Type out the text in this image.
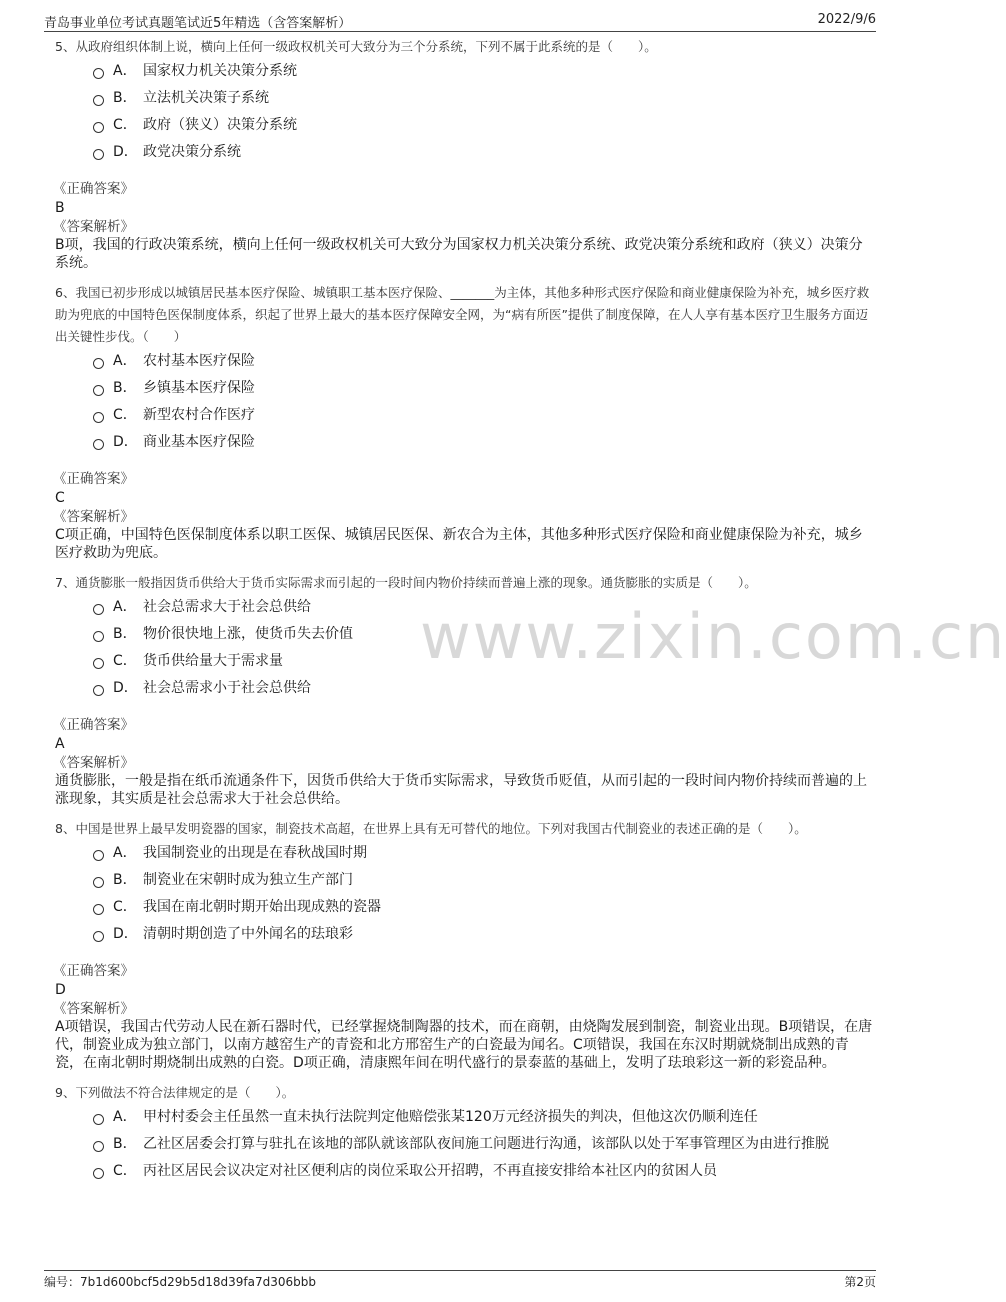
青岛事业单位考试真题笔试近5年精选（含答案解析）	2022/9/6
www.zixin.com.cn

5、从政府组织体制上说，横向上任何一级政权机关可大致分为三个分系统，下列不属于此系统的是（　　）。

A． 国家权力机关决策分系统
B． 立法机关决策子系统
C． 政府（狭义）决策分系统
D． 政党决策分系统
《正确答案》
B
《答案解析》
B项，我国的行政决策系统，横向上任何一级政权机关可大致分为国家权力机关决策分系统、政党决策分系统和政府（狭义）决策分系统。

6、我国已初步形成以城镇居民基本医疗保险、城镇职工基本医疗保险、_______为主体，其他多种形式医疗保险和商业健康保险为补充，城乡医疗救助为兜底的中国特色医保制度体系，织起了世界上最大的基本医疗保障安全网，为“病有所医”提供了制度保障，在人人享有基本医疗卫生服务方面迈出关键性步伐。（　　）

A． 农村基本医疗保险
B． 乡镇基本医疗保险
C． 新型农村合作医疗
D． 商业基本医疗保险
《正确答案》
C
《答案解析》
C项正确，中国特色医保制度体系以职工医保、城镇居民医保、新农合为主体，其他多种形式医疗保险和商业健康保险为补充，城乡医疗救助为兜底。

7、通货膨胀一般指因货币供给大于货币实际需求而引起的一段时间内物价持续而普遍上涨的现象。通货膨胀的实质是（　　）。

A． 社会总需求大于社会总供给
B． 物价很快地上涨，使货币失去价值
C． 货币供给量大于需求量
D． 社会总需求小于社会总供给
《正确答案》
A
《答案解析》
通货膨胀，一般是指在纸币流通条件下，因货币供给大于货币实际需求，导致货币贬值，从而引起的一段时间内物价持续而普遍的上涨现象，其实质是社会总需求大于社会总供给。

8、中国是世界上最早发明瓷器的国家，制瓷技术高超，在世界上具有无可替代的地位。下列对我国古代制瓷业的表述正确的是（　　）。

A． 我国制瓷业的出现是在春秋战国时期
B． 制瓷业在宋朝时成为独立生产部门
C． 我国在南北朝时期开始出现成熟的瓷器
D． 清朝时期创造了中外闻名的珐琅彩
《正确答案》
D
《答案解析》
A项错误，我国古代劳动人民在新石器时代，已经掌握烧制陶器的技术，而在商朝，由烧陶发展到制瓷，制瓷业出现。B项错误，在唐代，制瓷业成为独立部门，以南方越窑生产的青瓷和北方邢窑生产的白瓷最为闻名。C项错误，我国在东汉时期就烧制出成熟的青瓷，在南北朝时期烧制出成熟的白瓷。D项正确，清康熙年间在明代盛行的景泰蓝的基础上，发明了珐琅彩这一新的彩瓷品种。

9、下列做法不符合法律规定的是（　　）。

A． 甲村村委会主任虽然一直未执行法院判定他赔偿张某120万元经济损失的判决，但他这次仍顺利连任
B． 乙社区居委会打算与驻扎在该地的部队就该部队夜间施工问题进行沟通，该部队以处于军事管理区为由进行推脱
C． 丙社区居民会议决定对社区便利店的岗位采取公开招聘，不再直接安排给本社区内的贫困人员
编号：7b1d600bcf5d29b5d18d39fa7d306bbb	第2页
